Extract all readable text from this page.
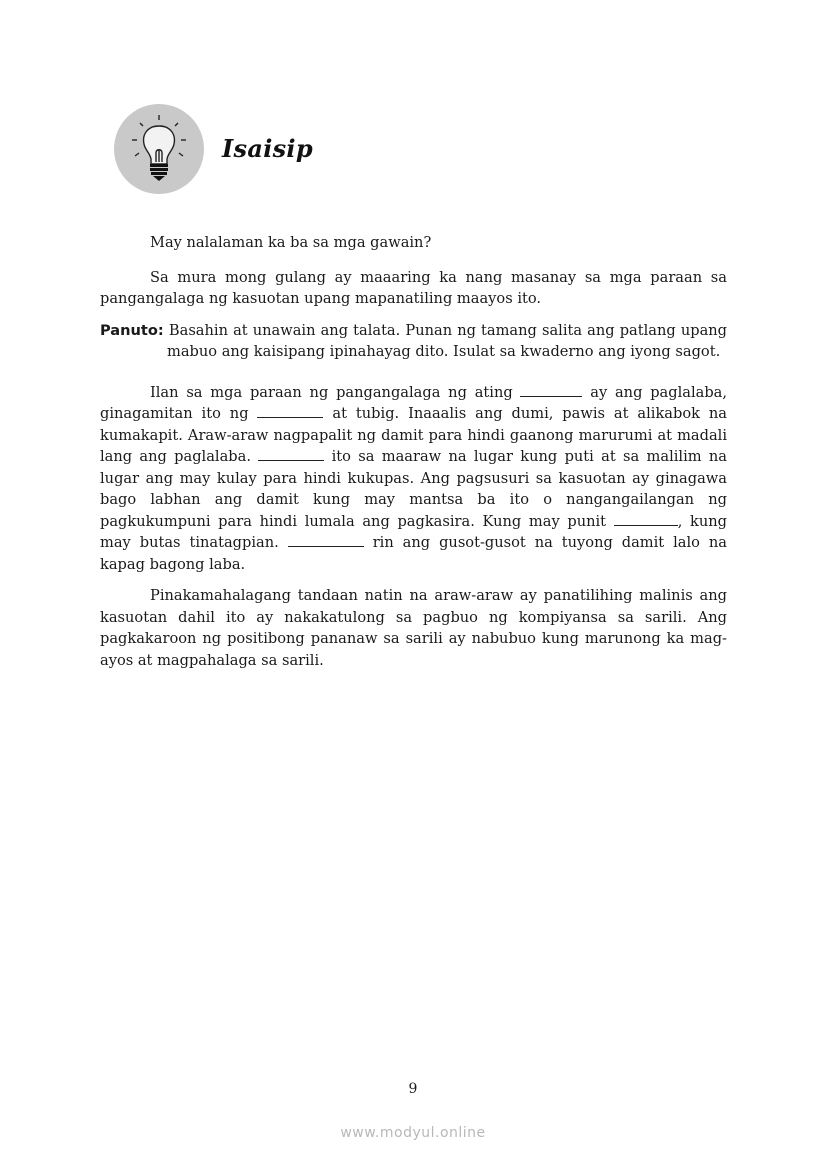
Isaisip

May nalalaman ka ba sa mga gawain?

Sa mura mong gulang ay maaaring ka nang masanay sa mga paraan sa pangangalaga ng kasuotan upang mapanatiling maayos ito.

Panuto: Basahin at unawain ang talata. Punan ng tamang salita ang patlang upang mabuo ang kaisipang ipinahayag dito. Isulat sa kwaderno ang iyong sagot.

Ilan sa mga paraan ng pangangalaga ng ating	ay ang paglalaba, ginagamitan ito ng	at tubig. Inaaalis ang dumi, pawis at alikabok na kumakapit. Araw-araw nagpapalit ng damit para hindi gaanong marurumi at madali lang ang paglalaba.	ito sa maaraw na lugar kung puti at sa malilim na lugar ang may kulay para hindi kukupas. Ang pagsusuri sa kasuotan ay ginagawa bago labhan ang damit kung may mantsa ba ito o nangangailangan ng pagkukumpuni para hindi lumala ang pagkasira. Kung may punit	, kung may butas tinatagpian.	rin ang gusot-gusot na tuyong damit lalo na kapag bagong laba.

Pinakamahalagang tandaan natin na araw-araw ay panatilihing malinis ang kasuotan dahil ito ay nakakatulong sa pagbuo ng kompiyansa sa sarili. Ang pagkakaroon ng positibong pananaw sa sarili ay nabubuo kung marunong ka mag-ayos at magpahalaga sa sarili.

9
www.modyul.online
